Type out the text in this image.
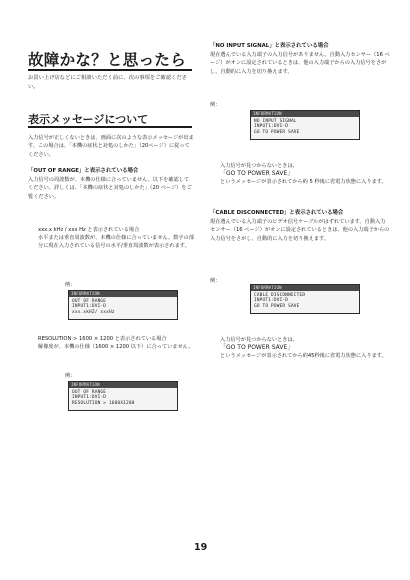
故障かな？と思ったら
お買い上げ店などにご相談いただく前に、次の事項をご確認ください。
表示メッセージについて
入力信号が正しくないときは、画面に次のような表示メッセージが出ます。この場合は、「本機の症状と対処のしかた」（20ページ）に従ってください。
「OUT OF RANGE」と表示されている場合
入力信号の周波数が、本機の仕様に合っていません。以下を確認してください。詳しくは、「本機の症状と対処のしかた」（20 ページ）をご覧ください。
xxx.x kHz / xxx Hz と表示されている場合
水平または垂直周波数が、本機の仕様に合っていません。数字の部分に現在入力されている信号の水平/垂直周波数が表示されます。
例：
INFORMATION
OUT OF RANGE
INPUT1:DVI-D
xxx.xkHZ/ xxxHz
RESOLUTION > 1600 × 1200 と表示されている場合
解像度が、本機の仕様（1600 × 1200 以下）に合っていません。
例：
INFORMATION
OUT OF RANGE
INPUT1:DVI-D
RESOLUTION > 1600X1200
「NO INPUT SIGNAL」と表示されている場合
現在選んでいる入力端子の入力信号がありません。自動入力センサー（16 ページ）がオンに設定されているときは、他の入力端子からの入力信号をさがし、自動的に入力を切り換えます。
例：
INFORMATION
NO INPUT SIGNAL
INPUT1:DVI-D
GO TO POWER SAVE
入力信号が見つからないときは、
「GO TO POWER SAVE」
というメッセージが表示されてから約 5 秒後に省電力状態に入ります。
「CABLE DISCONNECTED」と表示されている場合
現在選んでいる入力端子のビデオ信号ケーブルがはずれています。自動入力センサー（16 ページ）がオンに設定されているときは、他の入力端子からの入力信号をさがし、自動的に入力を切り換えます。
例：
INFORMATION
CABLE DISCONNECTED
INPUT1:DVI-D
GO TO POWER SAVE
入力信号が見つからないときは、
「GO TO POWER SAVE」
というメッセージが表示されてから約45秒後に省電力状態に入ります。
19
